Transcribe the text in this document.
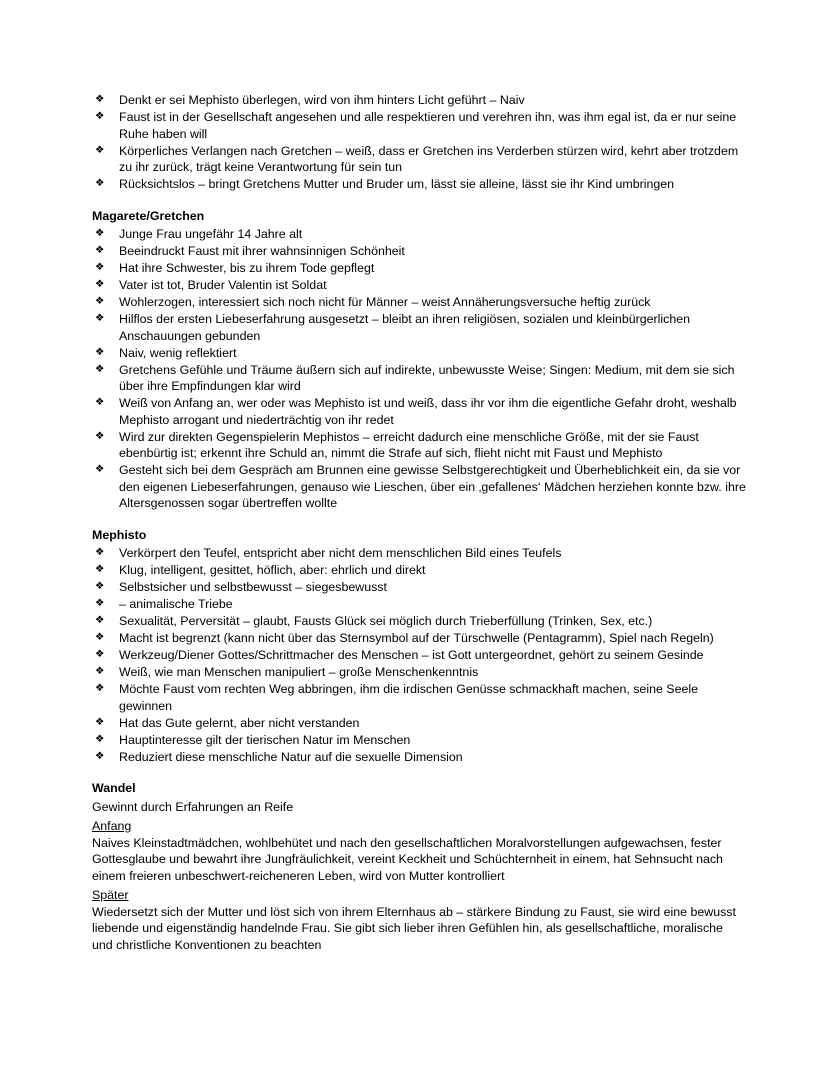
❖ Denkt er sei Mephisto überlegen, wird von ihm hinters Licht geführt – Naiv
❖ Faust ist in der Gesellschaft angesehen und alle respektieren und verehren ihn, was ihm egal ist, da er nur seine Ruhe haben will
❖ Körperliches Verlangen nach Gretchen – weiß, dass er Gretchen ins Verderben stürzen wird, kehrt aber trotzdem zu ihr zurück, trägt keine Verantwortung für sein tun
❖ Rücksichtslos – bringt Gretchens Mutter und Bruder um, lässt sie alleine, lässt sie ihr Kind umbringen
Magarete/Gretchen
❖ Junge Frau ungefähr 14 Jahre alt
❖ Beeindruckt Faust mit ihrer wahnsinnigen Schönheit
❖ Hat ihre Schwester, bis zu ihrem Tode gepflegt
❖ Vater ist tot, Bruder Valentin ist Soldat
❖ Wohlerzogen, interessiert sich noch nicht für Männer – weist Annäherungsversuche heftig zurück
❖ Hilflos der ersten Liebeserfahrung ausgesetzt – bleibt an ihren religiösen, sozialen und kleinbürgerlichen Anschauungen gebunden
❖ Naiv, wenig reflektiert
❖ Gretchens Gefühle und Träume äußern sich auf indirekte, unbewusste Weise; Singen: Medium, mit dem sie sich über ihre Empfindungen klar wird
❖ Weiß von Anfang an, wer oder was Mephisto ist und weiß, dass ihr vor ihm die eigentliche Gefahr droht, weshalb Mephisto arrogant und niederträchtig von ihr redet
❖ Wird zur direkten Gegenspielerin Mephistos – erreicht dadurch eine menschliche Größe, mit der sie Faust ebenbürtig ist; erkennt ihre Schuld an, nimmt die Strafe auf sich, flieht nicht mit Faust und Mephisto
❖ Gesteht sich bei dem Gespräch am Brunnen eine gewisse Selbstgerechtigkeit und Überheblichkeit ein, da sie vor den eigenen Liebeserfahrungen, genauso wie Lieschen, über ein ‚gefallenes‘ Mädchen herziehen konnte bzw. ihre Altersgenossen sogar übertreffen wollte
Mephisto
❖ Verkörpert den Teufel, entspricht aber nicht dem menschlichen Bild eines Teufels
❖ Klug, intelligent, gesittet, höflich, aber: ehrlich und direkt
❖ Selbstsicher und selbstbewusst – siegesbewusst
❖ – animalische Triebe
❖ Sexualität, Perversität – glaubt, Fausts Glück sei möglich durch Trieberfüllung (Trinken, Sex, etc.)
❖ Macht ist begrenzt (kann nicht über das Sternsymbol auf der Türschwelle (Pentagramm), Spiel nach Regeln)
❖ Werkzeug/Diener Gottes/Schrittmacher des Menschen – ist Gott untergeordnet, gehört zu seinem Gesinde
❖ Weiß, wie man Menschen manipuliert – große Menschenkenntnis
❖ Möchte Faust vom rechten Weg abbringen, ihm die irdischen Genüsse schmackhaft machen, seine Seele gewinnen
❖ Hat das Gute gelernt, aber nicht verstanden
❖ Hauptinteresse gilt der tierischen Natur im Menschen
❖ Reduziert diese menschliche Natur auf die sexuelle Dimension
Wandel

Gewinnt durch Erfahrungen an Reife

Anfang

Naives Kleinstadtmädchen, wohlbehütet und nach den gesellschaftlichen Moralvorstellungen aufgewachsen, fester Gottesglaube und bewahrt ihre Jungfräulichkeit, vereint Keckheit und Schüchternheit in einem, hat Sehnsucht nach einem freieren unbeschwert-reicheneren Leben, wird von Mutter kontrolliert

Später

Wiedersetzt sich der Mutter und löst sich von ihrem Elternhaus ab – stärkere Bindung zu Faust, sie wird eine bewusst liebende und eigenständig handelnde Frau. Sie gibt sich lieber ihren Gefühlen hin, als gesellschaftliche, moralische und christliche Konventionen zu beachten
